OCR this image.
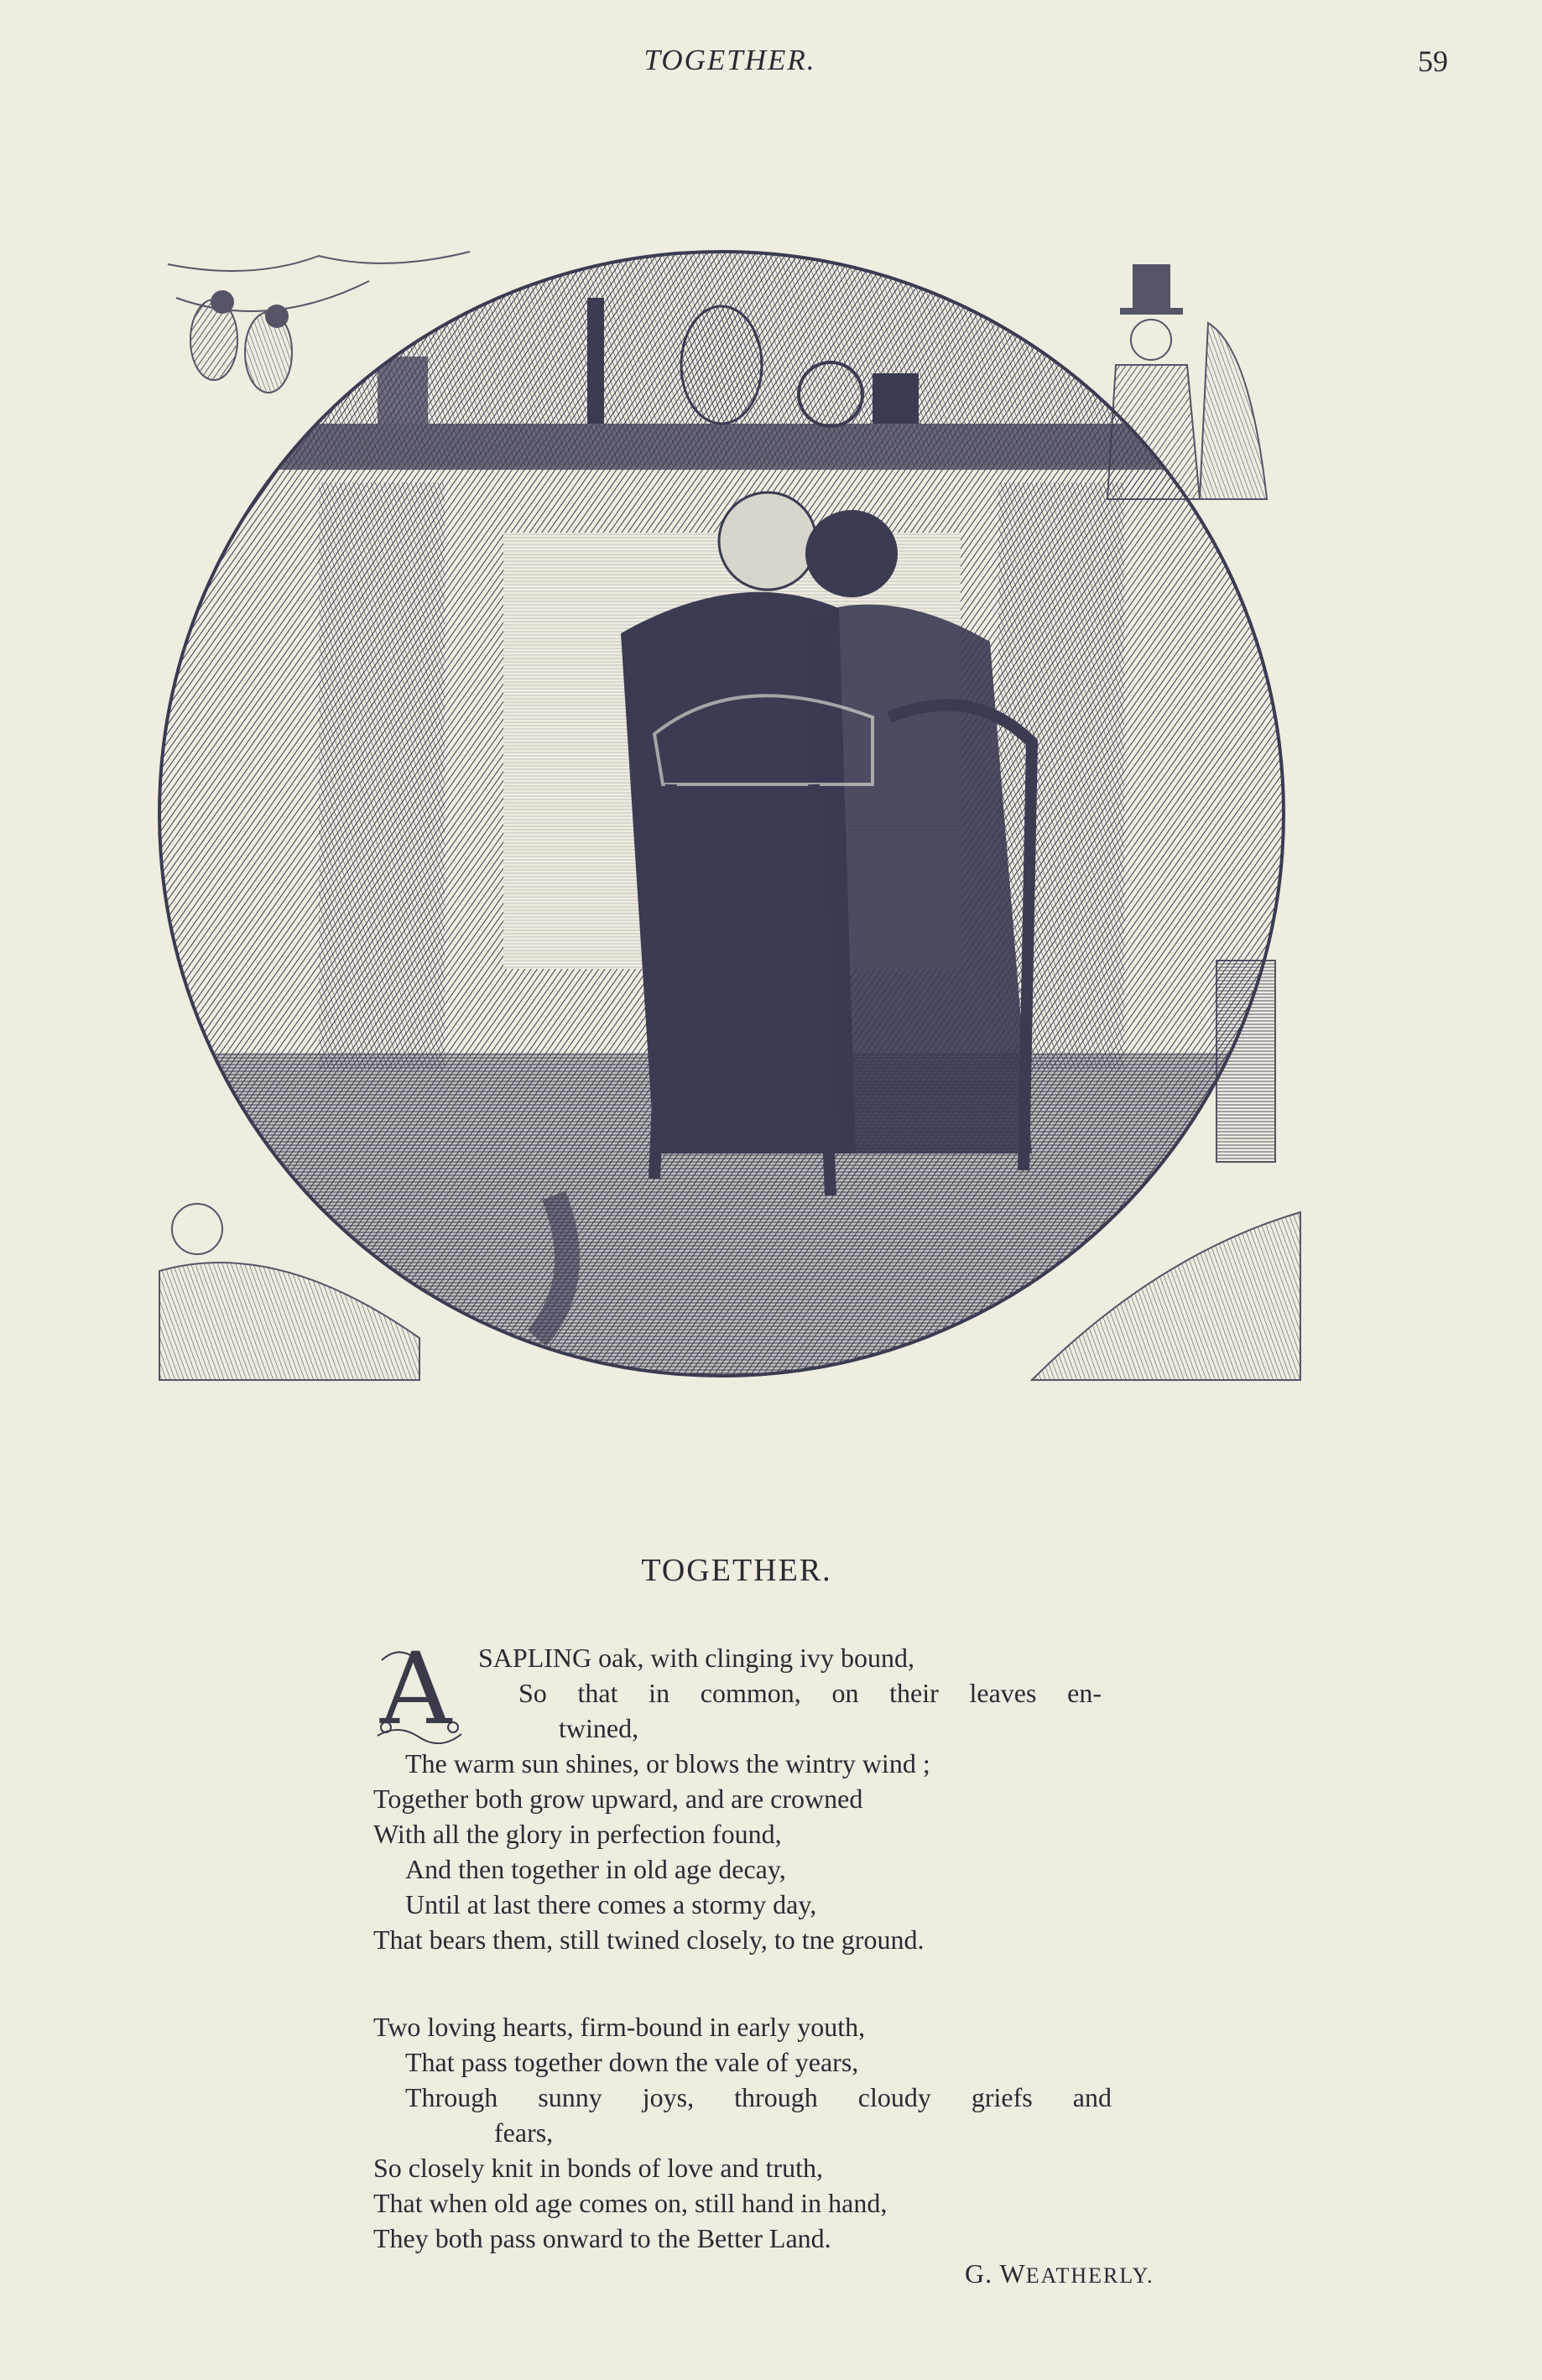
TOGETHER.	59
TOGETHER.
A SAPLING oak, with clinging ivy bound,
So that in common, on their leaves en-
twined,
The warm sun shines, or blows the wintry wind ;
Together both grow upward, and are crowned
With all the glory in perfection found,
And then together in old age decay,
Until at last there comes a stormy day,
That bears them, still twined closely, to tne ground.
Two loving hearts, firm-bound in early youth,
That pass together down the vale of years,
Through sunny joys, through cloudy griefs and
fears,
So closely knit in bonds of love and truth,
That when old age comes on, still hand in hand,
They both pass onward to the Better Land.
G. WEATHERLY.
